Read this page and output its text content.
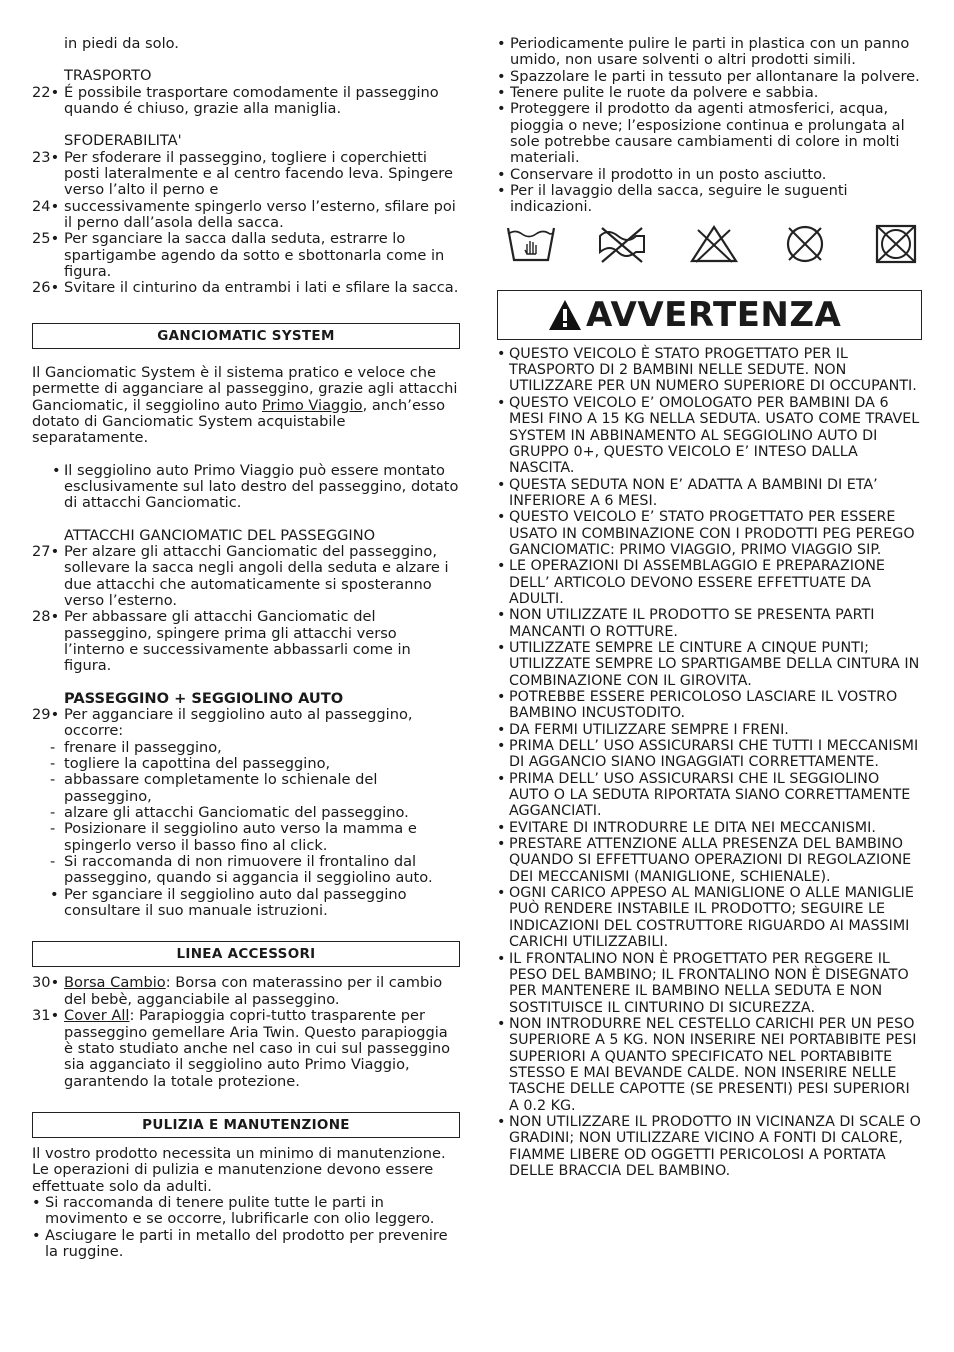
in piedi da solo.
TRASPORTO
22• É possibile trasportare comodamente il passeggino quando é chiuso, grazie alla maniglia.
SFODERABILITA'
23• Per sfoderare il passeggino, togliere i coperchietti posti lateralmente e al centro facendo leva. Spingere verso l’alto il perno e
24• successivamente spingerlo verso l’esterno, sfilare poi il perno dall’asola della sacca.
25• Per sganciare la sacca dalla seduta, estrarre lo spartigambe agendo da sotto e sbottonarla come in figura.
26• Svitare il cinturino da entrambi i lati e sfilare la sacca.
GANCIOMATIC SYSTEM
Il Ganciomatic System è il sistema pratico e veloce che permette di agganciare al passeggino, grazie agli attacchi Ganciomatic, il seggiolino auto Primo Viaggio, anch’esso dotato di Ganciomatic System acquistabile separatamente.
• Il seggiolino auto Primo Viaggio può essere montato esclusivamente sul lato destro del passeggino, dotato di attacchi Ganciomatic.
ATTACCHI GANCIOMATIC DEL PASSEGGINO
27• Per alzare gli attacchi Ganciomatic del passeggino, sollevare la sacca negli angoli della seduta e alzare i due attacchi che automaticamente si sposteranno verso l’esterno.
28• Per abbassare gli attacchi Ganciomatic del passeggino, spingere prima gli attacchi verso l’interno e successivamente abbassarli come in figura.
PASSEGGINO + SEGGIOLINO AUTO
29• Per agganciare il seggiolino auto al passeggino, occorre:
- frenare il passeggino,
- togliere la capottina del passeggino,
- abbassare completamente lo schienale del passeggino,
- alzare gli attacchi Ganciomatic del passeggino.
- Posizionare il seggiolino auto verso la mamma e spingerlo verso il basso fino al click.
- Si raccomanda di non rimuovere il frontalino dal passeggino, quando si aggancia il seggiolino auto.
• Per sganciare il seggiolino auto dal passeggino consultare il suo manuale istruzioni.
LINEA ACCESSORI
30• Borsa Cambio: Borsa con materassino per il cambio del bebè, agganciabile al passeggino.
31• Cover All: Parapioggia copri-tutto trasparente per passeggino gemellare Aria Twin. Questo parapioggia è stato studiato anche nel caso in cui sul passeggino sia agganciato il seggiolino auto Primo Viaggio, garantendo la totale protezione.
PULIZIA E MANUTENZIONE
Il vostro prodotto necessita un minimo di manutenzione. Le operazioni di pulizia e manutenzione devono essere effettuate solo da adulti.
• Si raccomanda di tenere pulite tutte le parti in movimento e se occorre, lubrificarle con olio leggero.
• Asciugare le parti in metallo del prodotto per prevenire la ruggine.
• Periodicamente pulire le parti in plastica con un panno umido, non usare solventi o altri prodotti simili.
• Spazzolare le parti in tessuto per allontanare la polvere.
• Tenere pulite le ruote da polvere e sabbia.
• Proteggere il prodotto da agenti atmosferici, acqua, pioggia o neve; l’esposizione continua e prolungata al sole potrebbe causare cambiamenti di colore in molti materiali.
• Conservare il prodotto in un posto asciutto.
• Per il lavaggio della sacca, seguire le suguenti indicazioni.
AVVERTENZA
• QUESTO VEICOLO È STATO PROGETTATO PER IL TRASPORTO DI 2 BAMBINI NELLE SEDUTE. NON UTILIZZARE PER UN NUMERO SUPERIORE DI OCCUPANTI.
• QUESTO VEICOLO E’ OMOLOGATO PER BAMBINI DA 6 MESI FINO A 15 KG NELLA SEDUTA. USATO COME TRAVEL SYSTEM IN ABBINAMENTO AL SEGGIOLINO AUTO DI GRUPPO 0+, QUESTO VEICOLO E’ INTESO DALLA NASCITA.
• QUESTA SEDUTA NON E’ ADATTA A BAMBINI DI ETA’ INFERIORE A 6 MESI.
• QUESTO VEICOLO E’ STATO PROGETTATO PER ESSERE USATO IN COMBINAZIONE CON I PRODOTTI PEG PEREGO GANCIOMATIC: PRIMO VIAGGIO, PRIMO VIAGGIO SIP.
• LE OPERAZIONI DI ASSEMBLAGGIO E PREPARAZIONE DELL’ ARTICOLO DEVONO ESSERE EFFETTUATE DA ADULTI.
• NON UTILIZZATE IL PRODOTTO SE PRESENTA PARTI MANCANTI O ROTTURE.
• UTILIZZATE SEMPRE LE CINTURE A CINQUE PUNTI; UTILIZZATE SEMPRE LO SPARTIGAMBE DELLA CINTURA IN COMBINAZIONE CON IL GIROVITA.
• POTREBBE ESSERE PERICOLOSO LASCIARE IL VOSTRO BAMBINO INCUSTODITO.
• DA FERMI UTILIZZARE SEMPRE I FRENI.
• PRIMA DELL’ USO ASSICURARSI CHE TUTTI I MECCANISMI DI AGGANCIO SIANO INGAGGIATI CORRETTAMENTE.
• PRIMA DELL’ USO ASSICURARSI CHE IL SEGGIOLINO AUTO O LA SEDUTA RIPORTATA SIANO CORRETTAMENTE AGGANCIATI.
• EVITARE DI INTRODURRE LE DITA NEI MECCANISMI.
• PRESTARE ATTENZIONE ALLA PRESENZA DEL BAMBINO QUANDO SI EFFETTUANO OPERAZIONI DI REGOLAZIONE DEI MECCANISMI (MANIGLIONE, SCHIENALE).
• OGNI CARICO APPESO AL MANIGLIONE O ALLE MANIGLIE PUÒ RENDERE INSTABILE IL PRODOTTO; SEGUIRE LE INDICAZIONI DEL COSTRUTTORE RIGUARDO AI MASSIMI CARICHI UTILIZZABILI.
• IL FRONTALINO NON È PROGETTATO PER REGGERE IL PESO DEL BAMBINO; IL FRONTALINO NON È DISEGNATO PER MANTENERE IL BAMBINO NELLA SEDUTA E NON SOSTITUISCE IL CINTURINO DI SICUREZZA.
• NON INTRODURRE NEL CESTELLO CARICHI PER UN PESO SUPERIORE A 5 KG. NON INSERIRE NEI PORTABIBITE PESI SUPERIORI A QUANTO SPECIFICATO NEL PORTABIBITE STESSO E MAI BEVANDE CALDE. NON INSERIRE NELLE TASCHE DELLE CAPOTTE (SE PRESENTI) PESI SUPERIORI A 0.2 KG.
• NON UTILIZZARE IL PRODOTTO IN VICINANZA DI SCALE O GRADINI; NON UTILIZZARE VICINO A FONTI DI CALORE, FIAMME LIBERE OD OGGETTI PERICOLOSI A PORTATA DELLE BRACCIA DEL BAMBINO.
